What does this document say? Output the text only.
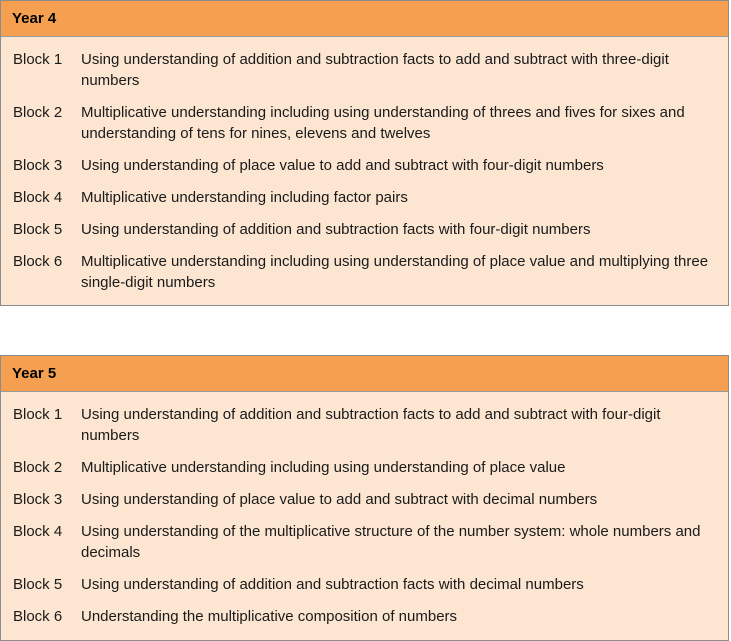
Year 4
Block 1	Using understanding of addition and subtraction facts to add and subtract with three-digit numbers
Block 2	Multiplicative understanding including using understanding of threes and fives for sixes and understanding of tens for nines, elevens and twelves
Block 3	Using understanding of place value to add and subtract with four-digit numbers
Block 4	Multiplicative understanding including factor pairs
Block 5	Using understanding of addition and subtraction facts with four-digit numbers
Block 6	Multiplicative understanding including using understanding of place value and multiplying three single-digit numbers
Year 5
Block 1	Using understanding of addition and subtraction facts to add and subtract with four-digit numbers
Block 2	Multiplicative understanding including using understanding of place value
Block 3	Using understanding of place value to add and subtract with decimal numbers
Block 4	Using understanding of the multiplicative structure of the number system: whole numbers and decimals
Block 5	Using understanding of addition and subtraction facts with decimal numbers
Block 6	Understanding the multiplicative composition of numbers
